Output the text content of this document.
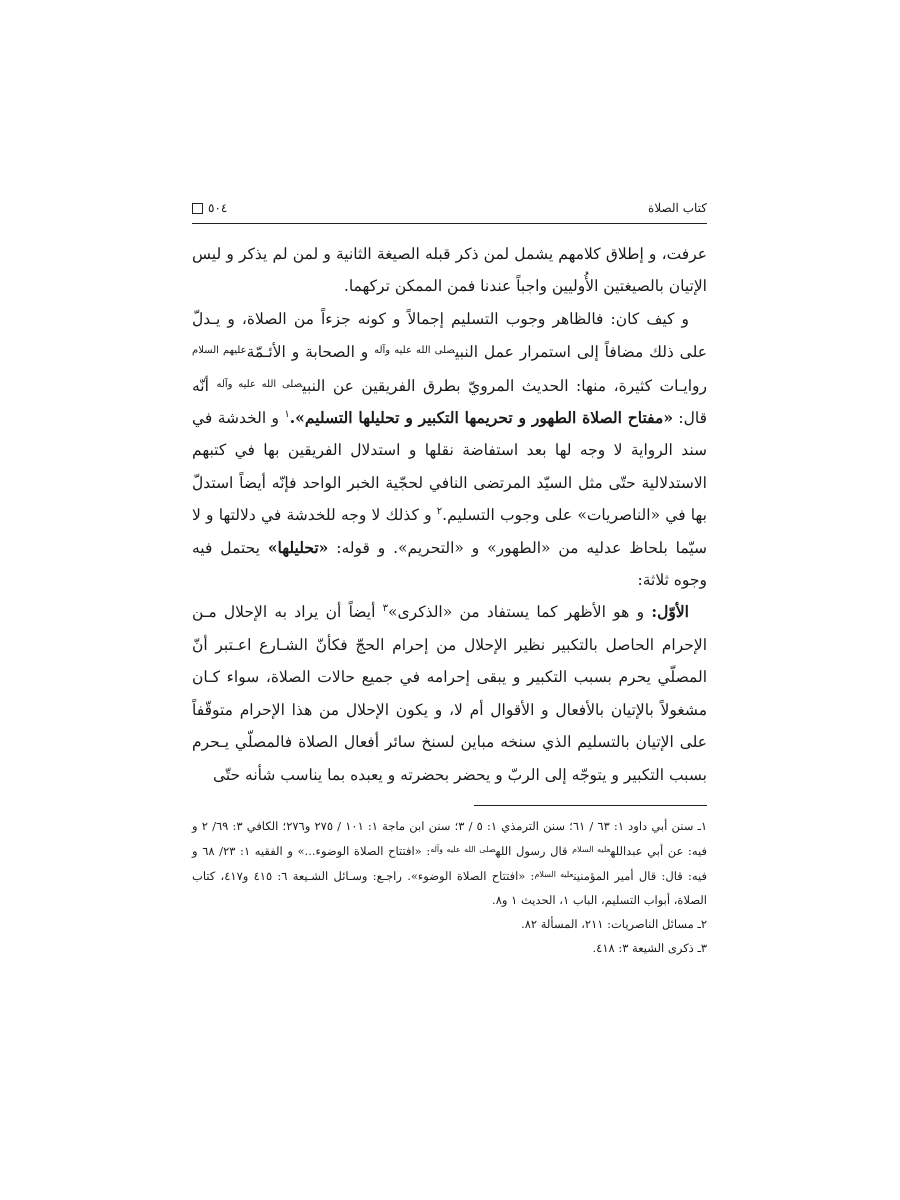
كتاب الصلاة
٥٠٤

عرفت، و إطلاق كلامهم يشمل لمن ذكر قبله الصيغة الثانية و لمن لم يذكر و ليس الإتيان بالصيغتين الأُوليين واجباً عندنا فمن الممكن تركهما.

و كيف كان: فالظاهر وجوب التسليم إجمالاً و كونه جزءاً من الصلاة، و يـدلّ على ذلك مضافاً إلى استمرار عمل النبي$^{صلى الله عليه وآله}$ و الصحابة و الأئـمّة$^{عليهم السلام}$ روايـات كثيرة، منها: الحديث المرويّ بطرق الفريقين عن النبي$^{صلى الله عليه وآله}$ أنّه قال: «مفتاح الصلاة الطهور و تحريمها التكبير و تحليلها التسليم».$^١$ و الخدشة في سند الرواية لا وجه لها بعد استفاضة نقلها و استدلال الفريقين بها في كتبهم الاستدلالية حتّى مثل السيّد المرتضى النافي لحجّية الخبر الواحد فإنّه أيضاً استدلّ بها في «الناصريات» على وجوب التسليم.$^٢$ و كذلك لا وجه للخدشة في دلالتها و لا سيّما بلحاظ عدليه من «الطهور» و «التحريم». و قوله: «تحليلها» يحتمل فيه وجوه ثلاثة:

الأوّل: و هو الأظهر كما يستفاد من «الذكرى»$^٣$ أيضاً أن يراد به الإحلال مـن الإحرام الحاصل بالتكبير نظير الإحلال من إحرام الحجّ فكأنّ الشـارع اعـتبر أنّ المصلّي يحرم بسبب التكبير و يبقى إحرامه في جميع حالات الصلاة، سواء كـان مشغولاً بالإتيان بالأفعال و الأقوال أم لا، و يكون الإحلال من هذا الإحرام متوقّفاً على الإتيان بالتسليم الذي سنخه مباين لسنخ سائر أفعال الصلاة فالمصلّي يـحرم بسبب التكبير و يتوجّه إلى الربّ و يحضر بحضرته و يعبده بما يناسب شأنه حتّى

١ـ سنن أبي داود ١: ٦٣ / ٦١؛ سنن الترمذي ١: ٥ / ٣؛ سنن ابن ماجة ١: ١٠١ / ٢٧٥ و٢٧٦؛ الكافي ٣: ٦٩/ ٢ و فيه: عن أبي عبدالله$^{عليه السلام}$ قال رسول الله$^{صلى الله عليه وآله}$: «افتتاح الصلاة الوضوء...» و الفقيه ١: ٢٣/ ٦٨ و فيه: قال: قال أمير المؤمنين$^{عليه السلام}$: «افتتاح الصلاة الوضوء». راجـع: وسـائل الشـيعة ٦: ٤١٥ و٤١٧، كتاب الصلاة، أبواب التسليم، الباب ١، الحديث ١ و٨.

٢ـ مسائل الناصريات: ٢١١، المسألة ٨٢.

٣ـ ذكرى الشيعة ٣: ٤١٨.
